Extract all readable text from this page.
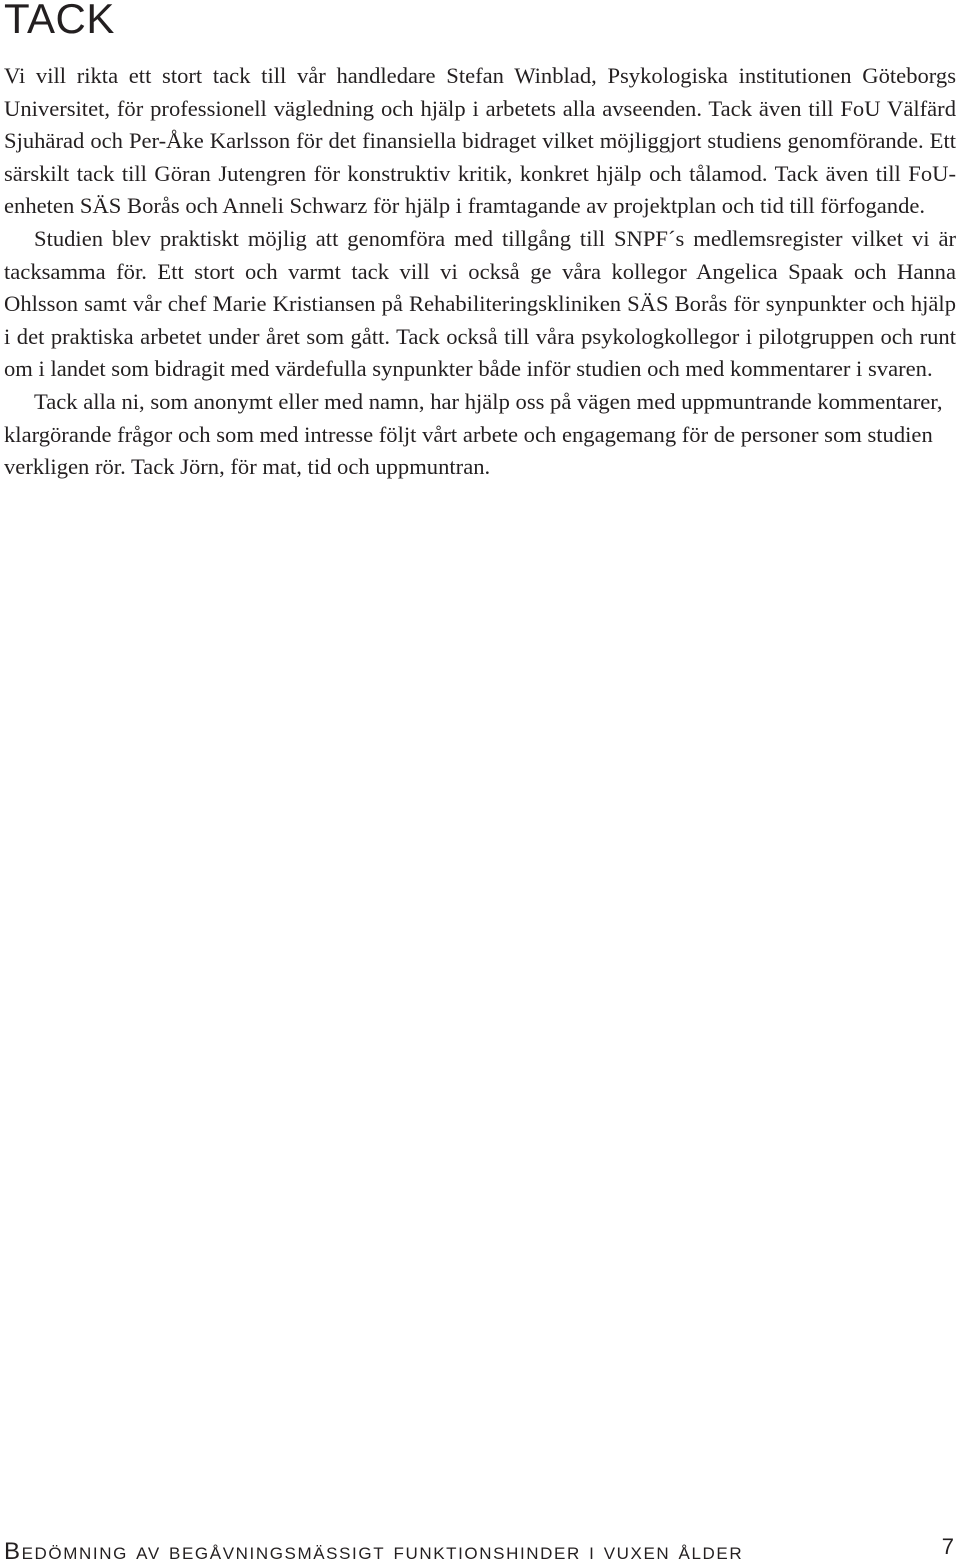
TACK

Vi vill rikta ett stort tack till vår handledare Stefan Winblad, Psykologiska institutionen Göteborgs Universitet, för professionell vägledning och hjälp i arbetets alla avseenden. Tack även till FoU Välfärd Sjuhärad och Per-Åke Karlsson för det finansiella bidraget vilket möjliggjort studiens genomförande. Ett särskilt tack till Göran Jutengren för konstruktiv kritik, konkret hjälp och tålamod. Tack även till FoU-enheten SÄS Borås och Anneli Schwarz för hjälp i framtagande av projektplan och tid till förfogande.

Studien blev praktiskt möjlig att genomföra med tillgång till SNPF´s medlemsregister vilket vi är tacksamma för. Ett stort och varmt tack vill vi också ge våra kollegor Angelica Spaak och Hanna Ohlsson samt vår chef Marie Kristiansen på Rehabiliteringskliniken SÄS Borås för synpunkter och hjälp i det praktiska arbetet under året som gått. Tack också till våra psykologkollegor i pilotgruppen och runt om i landet som bidragit med värdefulla synpunkter både inför studien och med kommentarer i svaren.

Tack alla ni, som anonymt eller med namn, har hjälp oss på vägen med uppmuntrande kommentarer, klargörande frågor och som med intresse följt vårt arbete och engagemang för de personer som studien verkligen rör. Tack Jörn, för mat, tid och uppmuntran.

Bedömning av begåvningsmässigt funktionshinder i vuxen ålder	7
